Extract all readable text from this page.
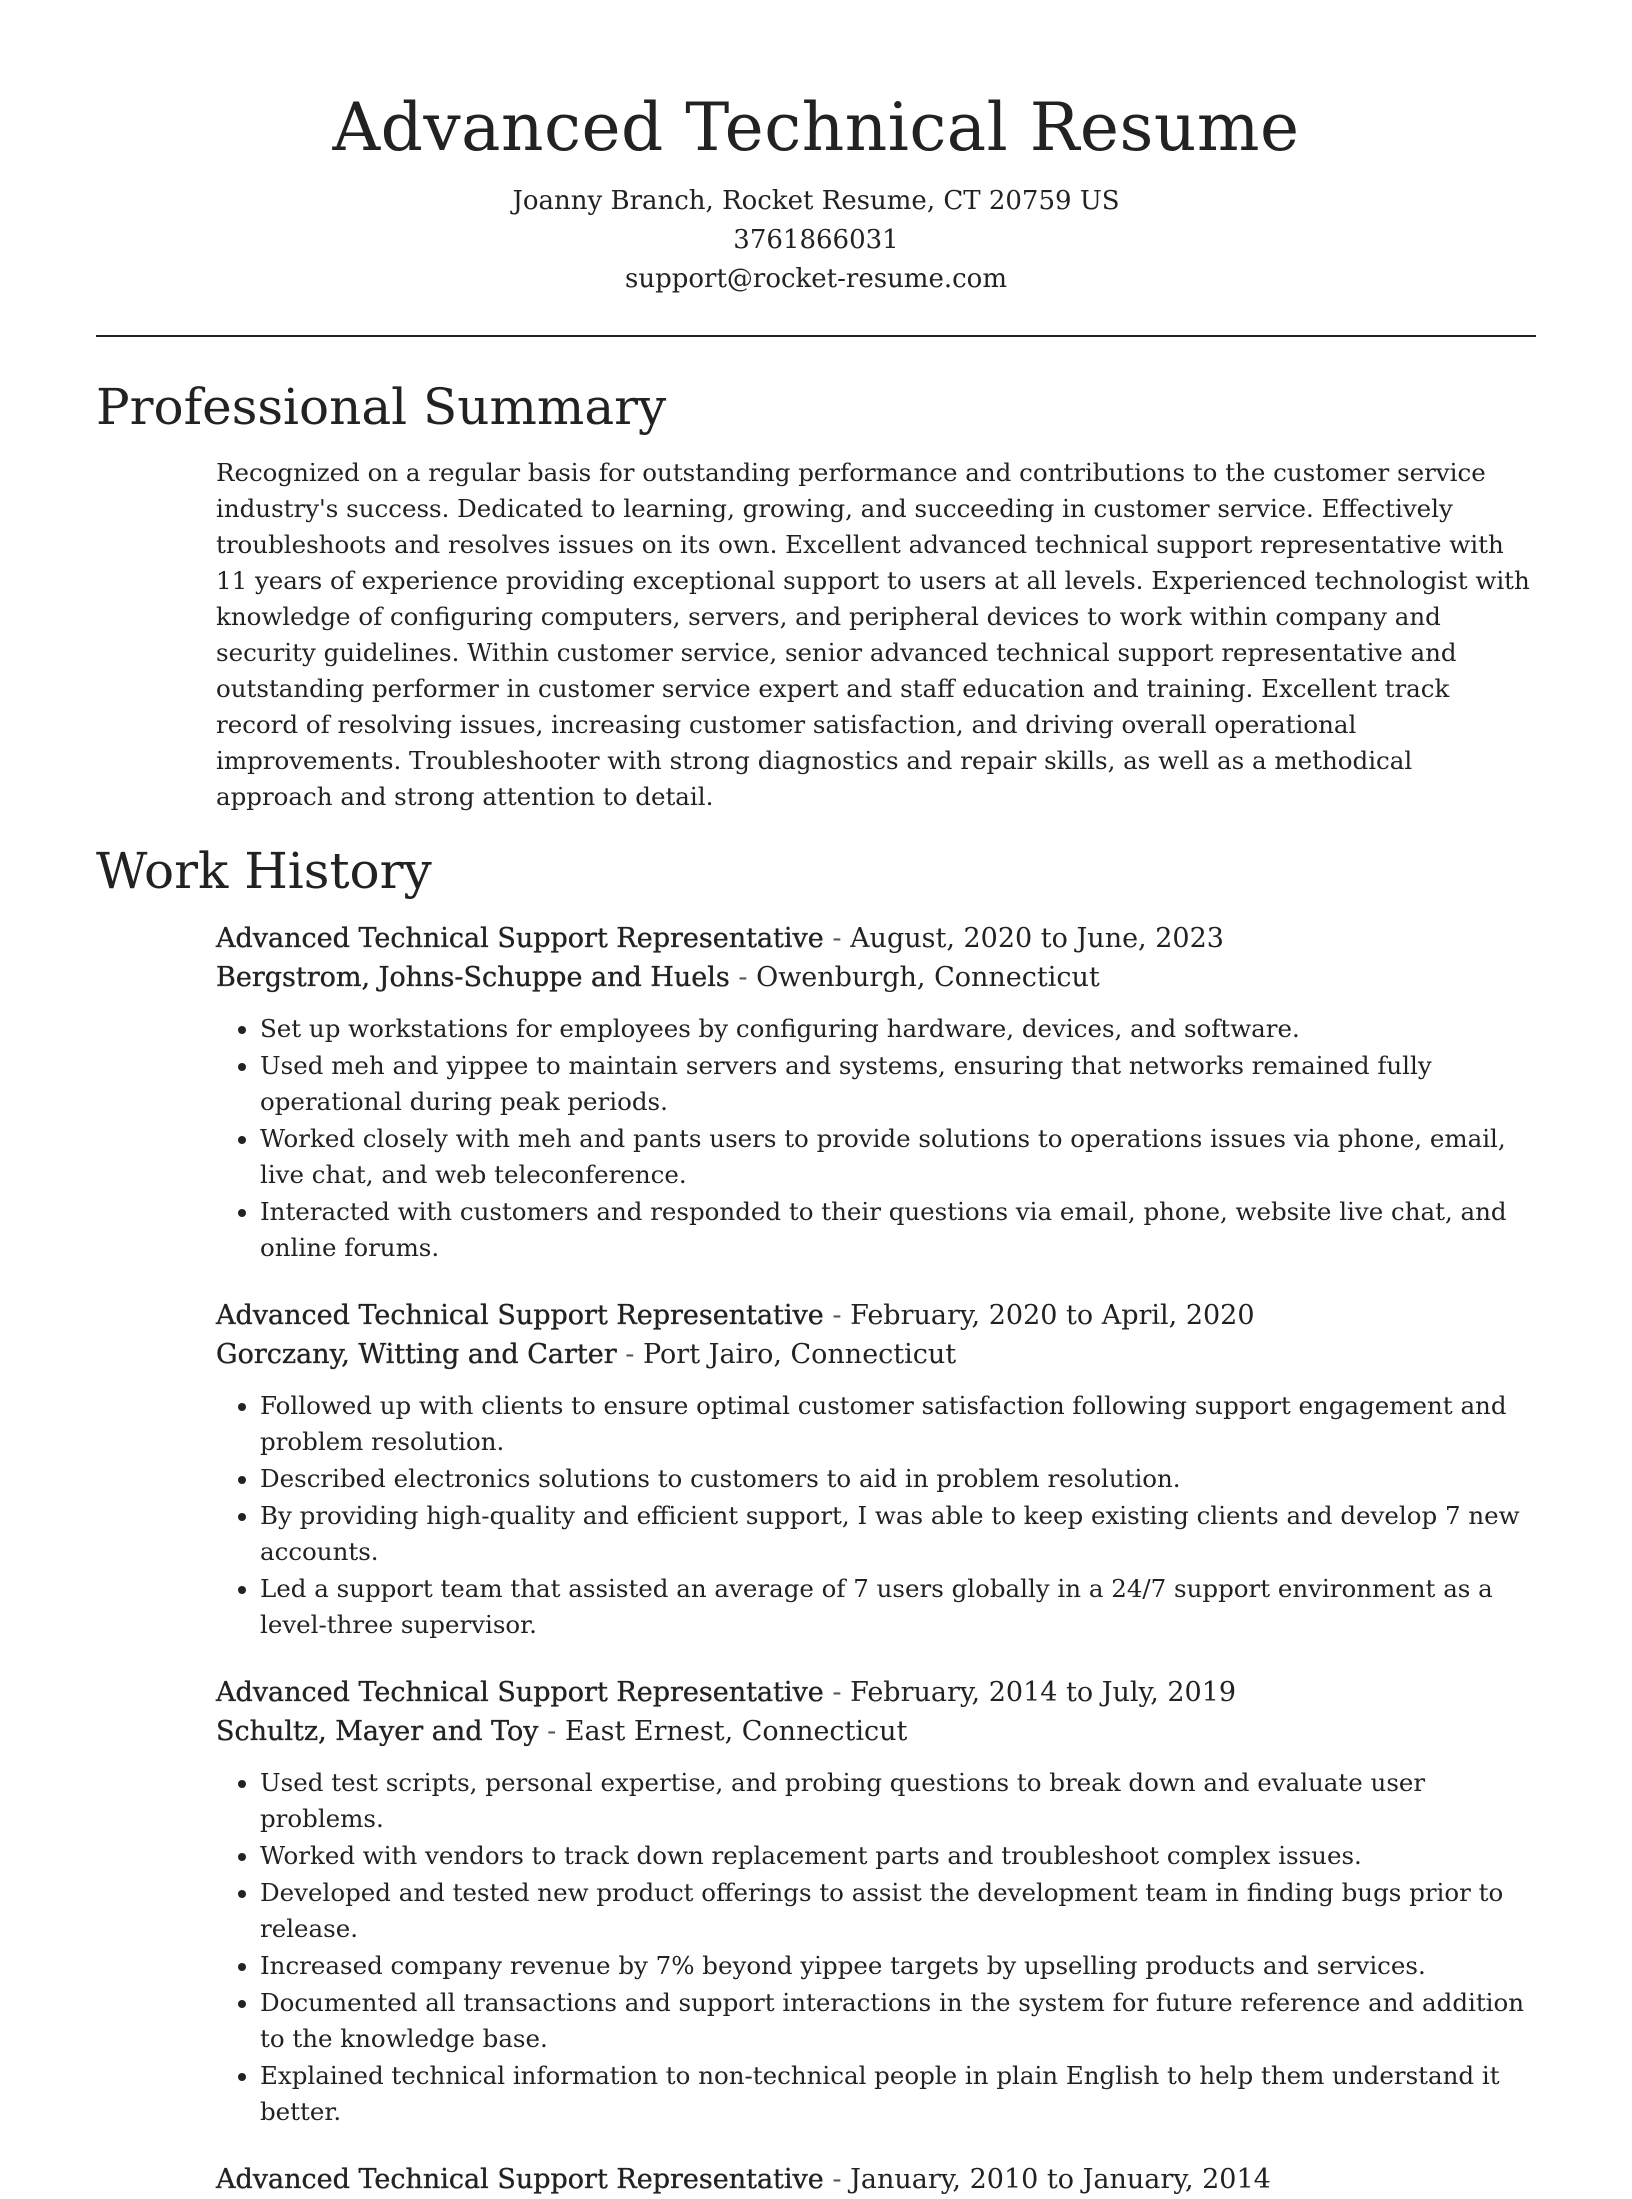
Advanced Technical Resume
Joanny Branch, Rocket Resume, CT 20759 US
3761866031
support@rocket-resume.com
Professional Summary

Recognized on a regular basis for outstanding performance and contributions to the customer service industry's success. Dedicated to learning, growing, and succeeding in customer service. Effectively troubleshoots and resolves issues on its own. Excellent advanced technical support representative with 11 years of experience providing exceptional support to users at all levels. Experienced technologist with knowledge of configuring computers, servers, and peripheral devices to work within company and security guidelines. Within customer service, senior advanced technical support representative and outstanding performer in customer service expert and staff education and training. Excellent track record of resolving issues, increasing customer satisfaction, and driving overall operational improvements. Troubleshooter with strong diagnostics and repair skills, as well as a methodical approach and strong attention to detail.

Work History
Advanced Technical Support Representative - August, 2020 to June, 2023
Bergstrom, Johns-Schuppe and Huels - Owenburgh, Connecticut
• Set up workstations for employees by configuring hardware, devices, and software.
• Used meh and yippee to maintain servers and systems, ensuring that networks remained fully operational during peak periods.
• Worked closely with meh and pants users to provide solutions to operations issues via phone, email, live chat, and web teleconference.
• Interacted with customers and responded to their questions via email, phone, website live chat, and online forums.
Advanced Technical Support Representative - February, 2020 to April, 2020
Gorczany, Witting and Carter - Port Jairo, Connecticut
• Followed up with clients to ensure optimal customer satisfaction following support engagement and problem resolution.
• Described electronics solutions to customers to aid in problem resolution.
• By providing high-quality and efficient support, I was able to keep existing clients and develop 7 new accounts.
• Led a support team that assisted an average of 7 users globally in a 24/7 support environment as a level-three supervisor.
Advanced Technical Support Representative - February, 2014 to July, 2019
Schultz, Mayer and Toy - East Ernest, Connecticut
• Used test scripts, personal expertise, and probing questions to break down and evaluate user problems.
• Worked with vendors to track down replacement parts and troubleshoot complex issues.
• Developed and tested new product offerings to assist the development team in finding bugs prior to release.
• Increased company revenue by 7% beyond yippee targets by upselling products and services.
• Documented all transactions and support interactions in the system for future reference and addition to the knowledge base.
• Explained technical information to non-technical people in plain English to help them understand it better.
Advanced Technical Support Representative - January, 2010 to January, 2014
